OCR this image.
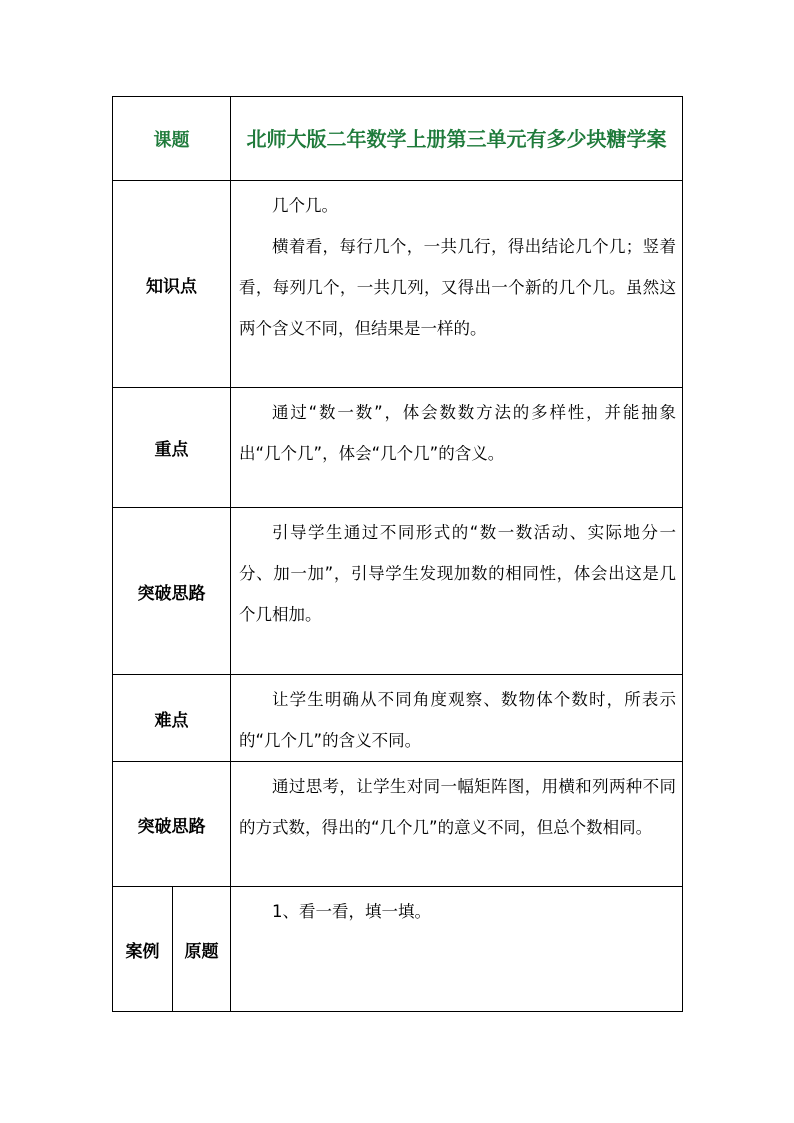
课题		北师大版二年数学上册第三单元有多少块糖学案
知识点		几个几。

横着看，每行几个，一共几行，得出结论几个几；竖着看，每列几个，一共几列，又得出一个新的几个几。虽然这两个含义不同，但结果是一样的。

重点		通过“数一数”，体会数数方法的多样性，并能抽象出“几个几”，体会“几个几”的含义。

突破思路		引导学生通过不同形式的“数一数活动、实际地分一分、加一加”，引导学生发现加数的相同性，体会出这是几个几相加。

难点		让学生明确从不同角度观察、数物体个数时，所表示的“几个几”的含义不同。

突破思路		通过思考，让学生对同一幅矩阵图，用横和列两种不同的方式数，得出的“几个几”的意义不同，但总个数相同。

案例	原题	1、看一看，填一填。
